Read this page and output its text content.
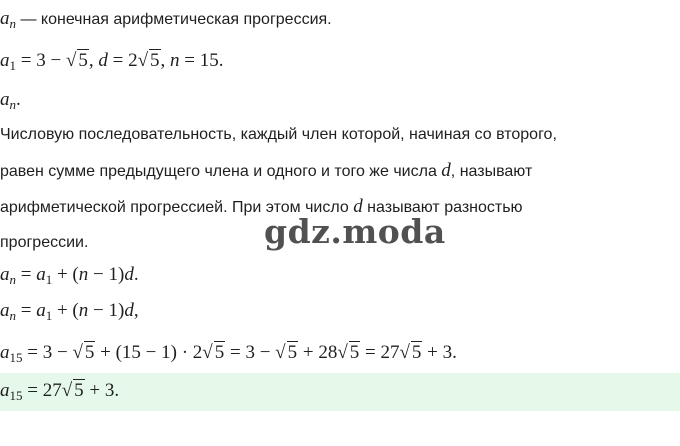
$a_n$ — конечная арифметическая прогрессия.
$a_1 = 3$ − √ 5, d = 2√ 5, n = 15.
$a_n$.
Числовую последовательность, каждый член которой, начиная со второго,
равен сумме предыдущего члена и одного и того же числа d, называют
арифметической прогрессией. При этом число d называют разностью
прогрессии.
$a_n = a_1 + (n - 1)d$.
$a_n = a_1 + (n - 1)d$,
$a_{15} = 3$ − √ 5 + (15 − 1) · 2√ 5 = 3 − √ 5 + 28√ 5 = 27√ 5 + 3.
$a_{15} = 27√$ 5 + 3.
gdz.moda
